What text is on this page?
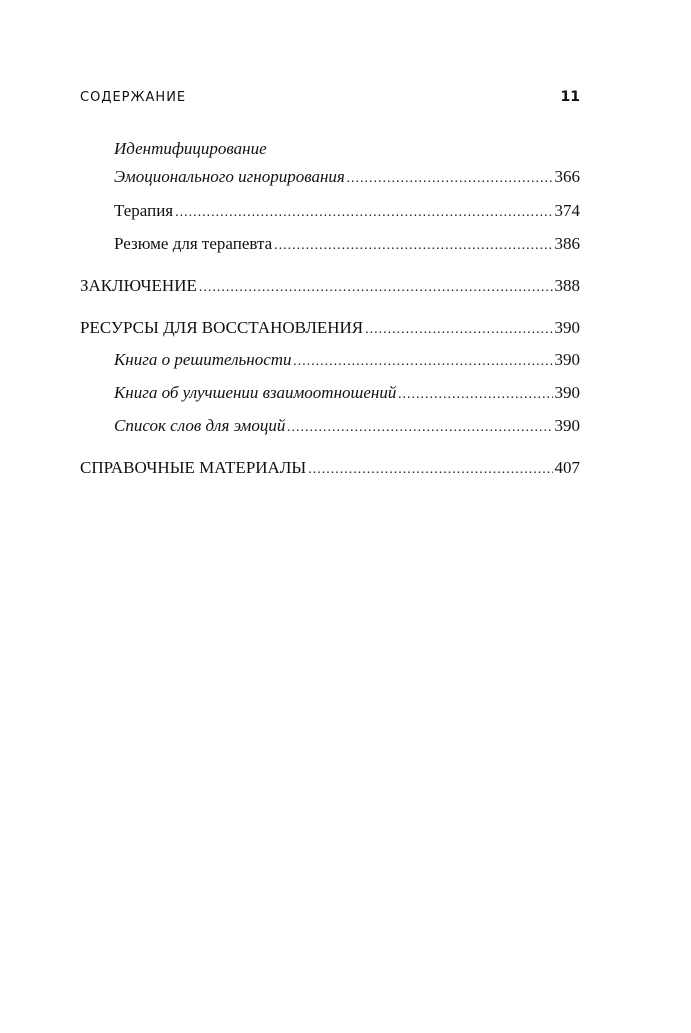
СОДЕРЖАНИЕ	11
Идентифицирование
Эмоционального игнорирования .....	366
Терапия .....	374
Резюме для терапевта .....	386
ЗАКЛЮЧЕНИЕ .....	388
РЕСУРСЫ ДЛЯ ВОССТАНОВЛЕНИЯ .....	390
Книга о решительности .....	390
Книга об улучшении взаимоотношений .....	390
Список слов для эмоций .....	390
СПРАВОЧНЫЕ МАТЕРИАЛЫ .....	407
